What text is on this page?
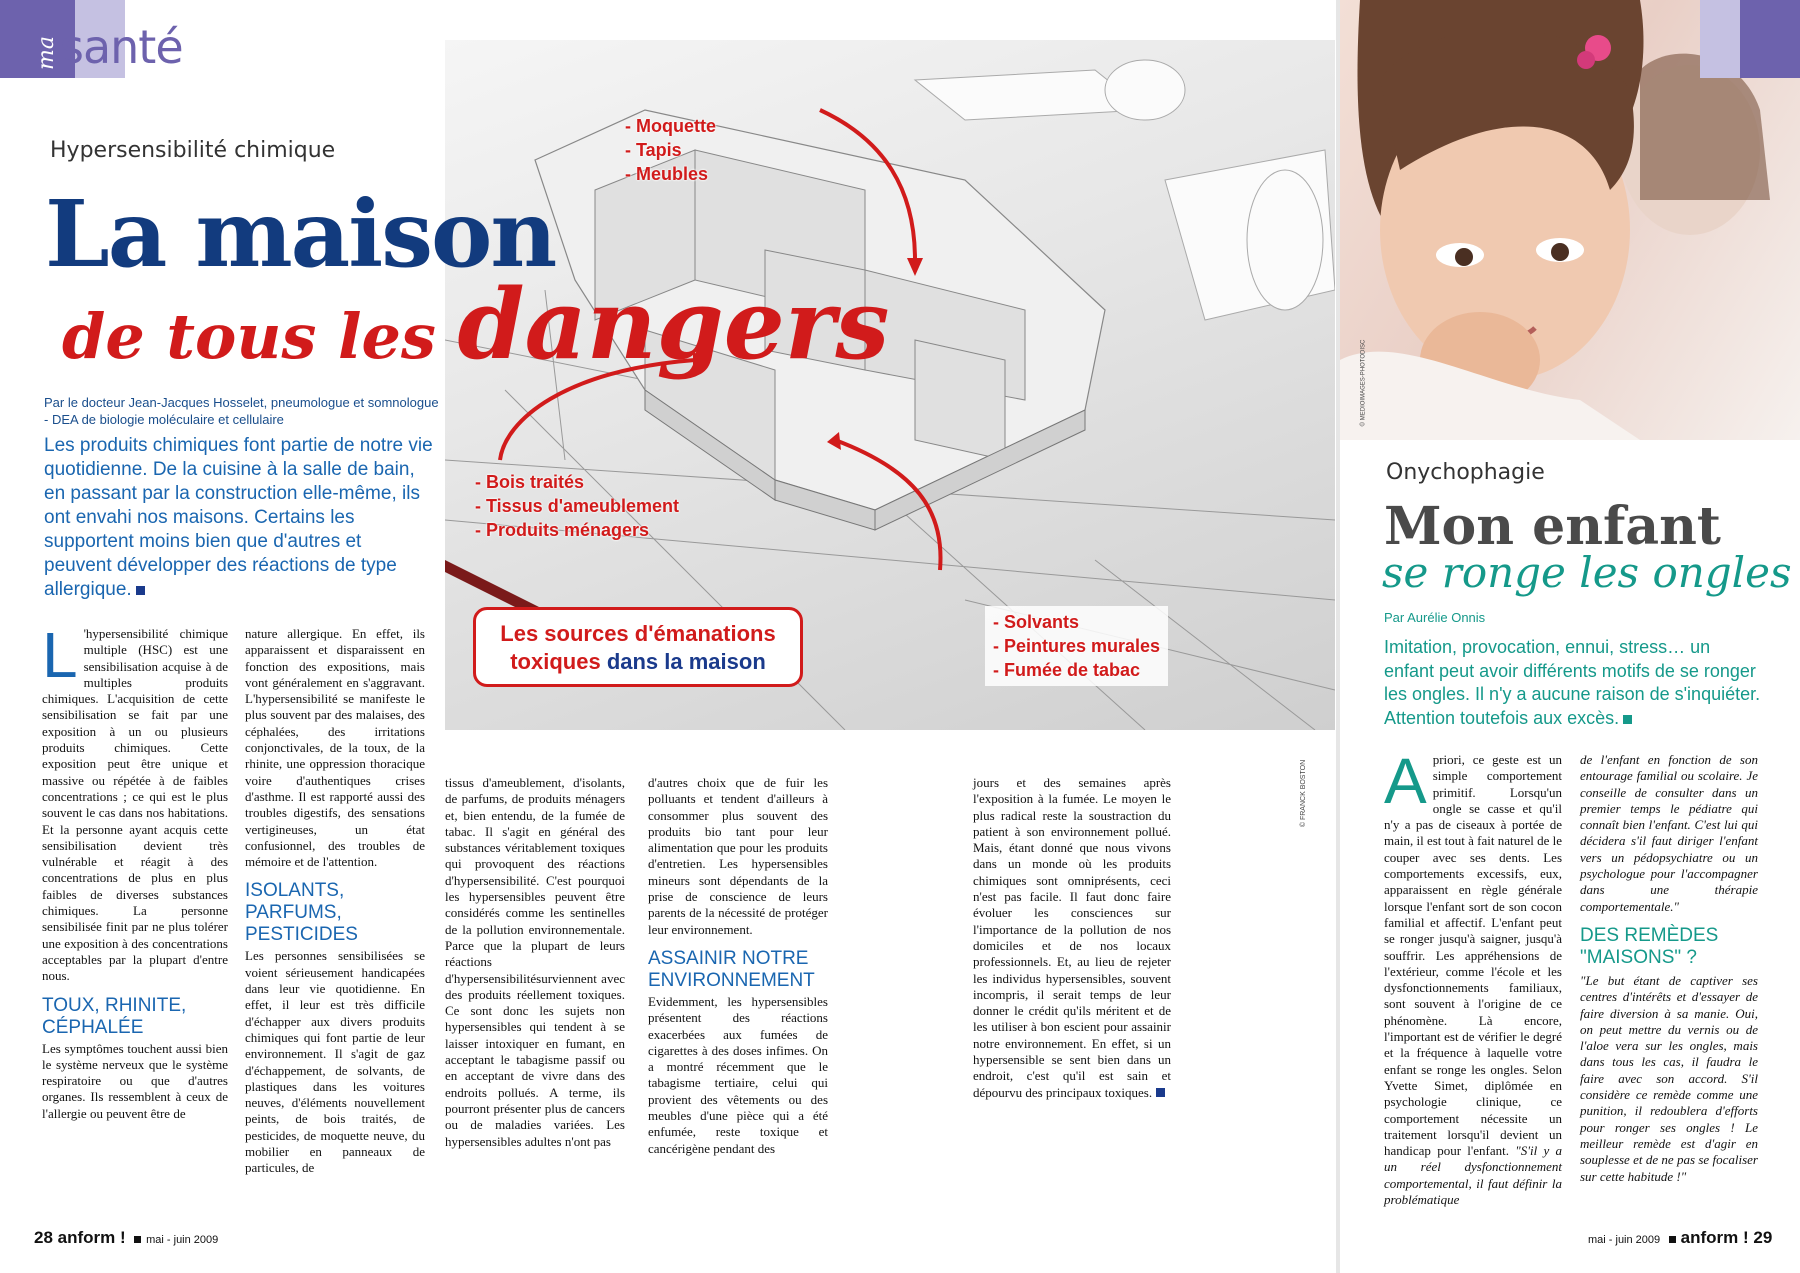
ma santé
- Moquette
- Tapis
- Meubles
- Bois traités
- Tissus d'ameublement
- Produits ménagers
- Solvants
- Peintures murales
- Fumée de tabac
Les sources d'émanations
toxiques dans la maison
© FRANCK BOSTON
Hypersensibilité chimique
La maison
de tous les dangers
Par le docteur Jean-Jacques Hosselet, pneumologue et somnologue - DEA de biologie moléculaire et cellulaire
Les produits chimiques font partie de notre vie quotidienne. De la cuisine à la salle de bain, en passant par la construction elle-même, ils ont envahi nos maisons. Certains les supportent moins bien que d'autres et peuvent développer des réactions de type allergique.

L 'hypersensibilité chimique multiple (HSC) est une sensibilisation acquise à de multiples produits chimiques. L'acquisition de cette sensibilisation se fait par une exposition à un ou plusieurs produits chimiques. Cette exposition peut être unique et massive ou répétée à de faibles concentrations ; ce qui est le plus souvent le cas dans nos habitations. Et la personne ayant acquis cette sensibilisation devient très vulnérable et réagit à des concentrations de plus en plus faibles de diverses substances chimiques. La personne sensibilisée finit par ne plus tolérer une exposition à des concentrations acceptables par la plupart d'entre nous.

TOUX, RHINITE, CÉPHALÉE

Les symptômes touchent aussi bien le système nerveux que le système respiratoire ou que d'autres organes. Ils ressemblent à ceux de l'allergie ou peuvent être de

nature allergique. En effet, ils apparaissent et disparaissent en fonction des expositions, mais vont généralement en s'aggravant. L'hypersensibilité se manifeste le plus souvent par des malaises, des céphalées, des irritations conjonctivales, de la toux, de la rhinite, une oppression thoracique voire d'authentiques crises d'asthme. Il est rapporté aussi des troubles digestifs, des sensations vertigineuses, un état confusionnel, des troubles de mémoire et de l'attention.

ISOLANTS, PARFUMS, PESTICIDES

Les personnes sensibilisées se voient sérieusement handicapées dans leur vie quotidienne. En effet, il leur est très difficile d'échapper aux divers produits chimiques qui font partie de leur environnement. Il s'agit de gaz d'échappement, de solvants, de plastiques dans les voitures neuves, d'éléments nouvellement peints, de bois traités, de pesticides, de moquette neuve, du mobilier en panneaux de particules, de

tissus d'ameublement, d'isolants, de parfums, de produits ménagers et, bien entendu, de la fumée de tabac. Il s'agit en général des substances véritablement toxiques qui provoquent des réactions d'hypersensibilité. C'est pourquoi les hypersensibles peuvent être considérés comme les sentinelles de la pollution environnementale. Parce que la plupart de leurs réactions d'hypersensibilitésurviennent avec des produits réellement toxiques. Ce sont donc les sujets non hypersensibles qui tendent à se laisser intoxiquer en fumant, en acceptant le tabagisme passif ou en acceptant de vivre dans des endroits pollués. A terme, ils pourront présenter plus de cancers ou de maladies variées. Les hypersensibles adultes n'ont pas

d'autres choix que de fuir les polluants et tendent d'ailleurs à consommer plus souvent des produits bio tant pour leur alimentation que pour les produits d'entretien. Les hypersensibles mineurs sont dépendants de la prise de conscience de leurs parents de la nécessité de protéger leur environnement.

ASSAINIR NOTRE ENVIRONNEMENT

Evidemment, les hypersensibles présentent des réactions exacerbées aux fumées de cigarettes à des doses infimes. On a montré récemment que le tabagisme tertiaire, celui qui provient des vêtements ou des meubles d'une pièce qui a été enfumée, reste toxique et cancérigène pendant des

jours et des semaines après l'exposition à la fumée. Le moyen le plus radical reste la soustraction du patient à son environnement pollué. Mais, étant donné que nous vivons dans un monde où les produits chimiques sont omniprésents, ceci n'est pas facile. Il faut donc faire évoluer les consciences sur l'importance de la pollution de nos domiciles et de nos locaux professionnels. Et, au lieu de rejeter les individus hypersensibles, souvent incompris, il serait temps de leur donner le crédit qu'ils méritent et de les utiliser à bon escient pour assainir notre environnement. En effet, si un hypersensible se sent bien dans un endroit, c'est qu'il est sain et dépourvu des principaux toxiques.

28 anform ! mai - juin 2009
© MEDIOIMAGES-PHOTODISC
Onychophagie
Mon enfant
se ronge les ongles
Par Aurélie Onnis
Imitation, provocation, ennui, stress… un enfant peut avoir différents motifs de se ronger les ongles. Il n'y a aucune raison de s'inquiéter. Attention toutefois aux excès.

Apriori, ce geste est un simple comportement primitif. Lorsqu'un ongle se casse et qu'il n'y a pas de ciseaux à portée de main, il est tout à fait naturel de le couper avec ses dents. Les comportements excessifs, eux, apparaissent en règle générale lorsque l'enfant sort de son cocon familial et affectif. L'enfant peut se ronger jusqu'à saigner, jusqu'à souffrir. Les appréhensions de l'extérieur, comme l'école et les dysfonctionnements familiaux, sont souvent à l'origine de ce phénomène. Là encore, l'important est de vérifier le degré et la fréquence à laquelle votre enfant se ronge les ongles. Selon Yvette Simet, diplômée en psychologie clinique, ce comportement nécessite un traitement lorsqu'il devient un handicap pour l'enfant. "S'il y a un réel dysfonctionnement comportemental, il faut définir la problématique

de l'enfant en fonction de son entourage familial ou scolaire. Je conseille de consulter dans un premier temps le pédiatre qui connaît bien l'enfant. C'est lui qui décidera s'il faut diriger l'enfant vers un pédopsychiatre ou un psychologue pour l'accompagner dans une thérapie comportementale."

DES REMÈDES "MAISONS" ?

"Le but étant de captiver ses centres d'intérêts et d'essayer de faire diversion à sa manie. Oui, on peut mettre du vernis ou de l'aloe vera sur les ongles, mais dans tous les cas, il faudra le faire avec son accord. S'il considère ce remède comme une punition, il redoublera d'efforts pour ronger ses ongles ! Le meilleur remède est d'agir en souplesse et de ne pas se focaliser sur cette habitude !"

mai - juin 2009 anform ! 29
